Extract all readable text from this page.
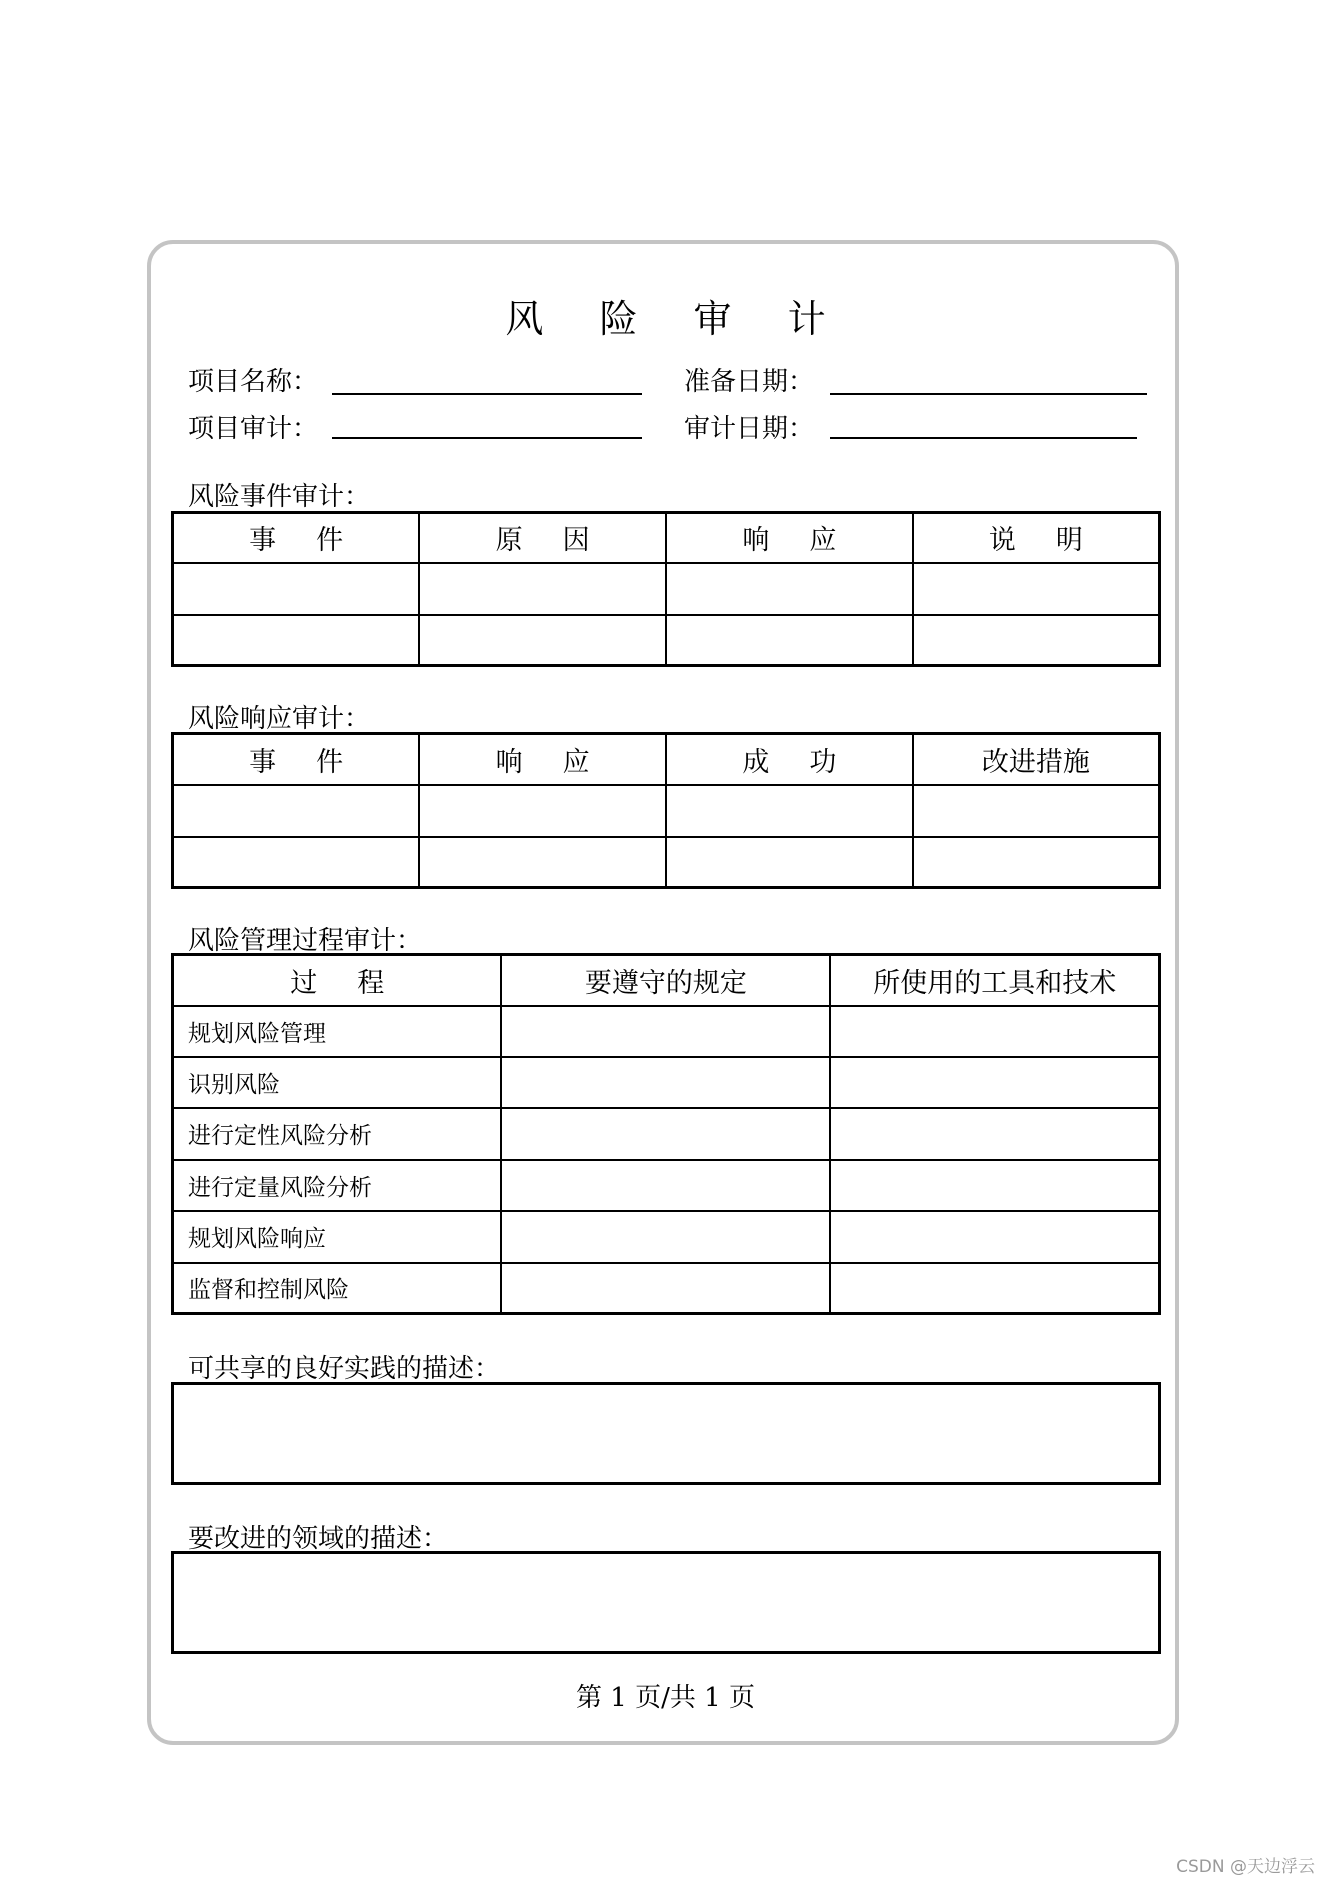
风 险 审 计
项目名称：	准备日期：
项目审计：	审计日期：
风险事件审计：
事件	原因	响应	说明

风险响应审计：
事件	响应	成功	改进措施

风险管理过程审计：
过程	要遵守的规定	所使用的工具和技术
规划风险管理		
识别风险		
进行定性风险分析		
进行定量风险分析		
规划风险响应		
监督和控制风险		
可共享的良好实践的描述：
要改进的领域的描述：
第 1 页/共 1 页
CSDN @天边浮云
